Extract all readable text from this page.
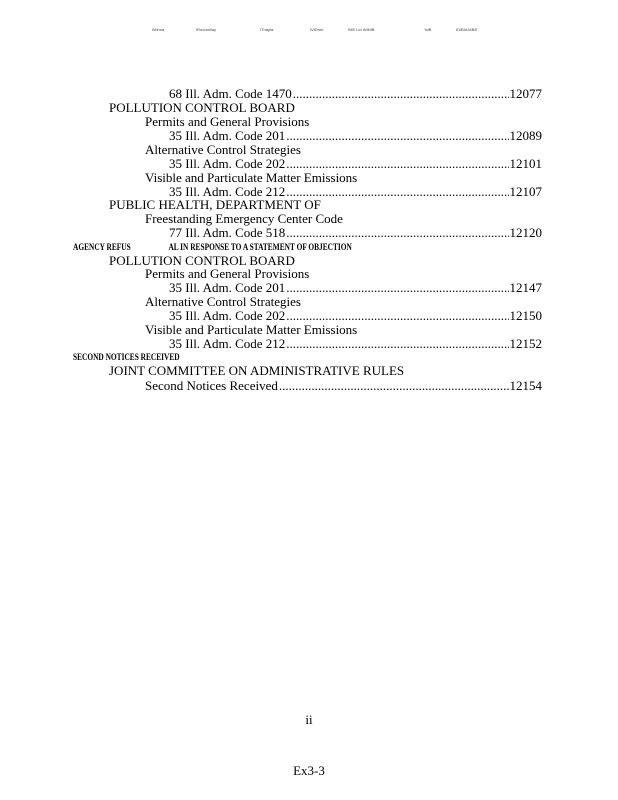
IMInna	IRooumilay	ITnapia	IVIDnm	IME Lid ININIB	'iniB	IDIBIdJAB8'
68 Ill. Adm. Code 1470 .....	12077
POLLUTION CONTROL BOARD
Permits and General Provisions
35 Ill. Adm. Code 201 .....	12089
Alternative Control Strategies
35 Ill. Adm. Code 202 .....	12101
Visible and Particulate Matter Emissions
35 Ill. Adm. Code 212 .....	12107
PUBLIC HEALTH, DEPARTMENT OF
Freestanding Emergency Center Code
77 Ill. Adm. Code 518 .....	12120
AGENCY REFUS	AL IN RESPONSE TO A STATEMENT OF OBJECTION
POLLUTION CONTROL BOARD
Permits and General Provisions
35 Ill. Adm. Code 201 .....	12147
Alternative Control Strategies
35 Ill. Adm. Code 202 .....	12150
Visible and Particulate Matter Emissions
35 Ill. Adm. Code 212 .....	12152
SECOND NOTICES RECEIVED
JOINT COMMITTEE ON ADMINISTRATIVE RULES
Second Notices Received .....	12154
ii
Ex3-3
